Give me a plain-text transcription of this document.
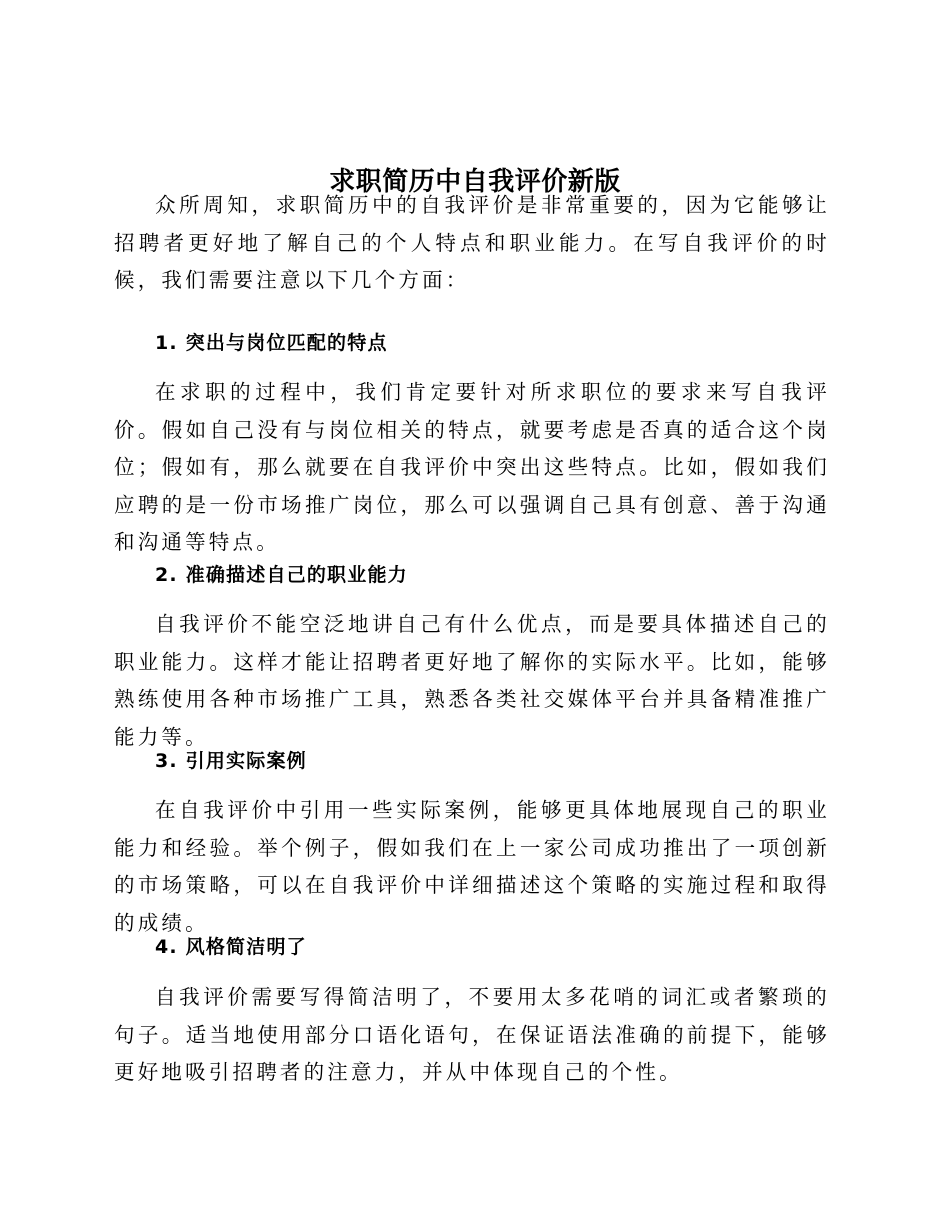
求职简历中自我评价新版

众所周知，求职简历中的自我评价是非常重要的，因为它能够让招聘者更好地了解自己的个人特点和职业能力。在写自我评价的时候，我们需要注意以下几个方面：

1. 突出与岗位匹配的特点

在求职的过程中，我们肯定要针对所求职位的要求来写自我评价。假如自己没有与岗位相关的特点，就要考虑是否真的适合这个岗位；假如有，那么就要在自我评价中突出这些特点。比如，假如我们应聘的是一份市场推广岗位，那么可以强调自己具有创意、善于沟通和沟通等特点。

2. 准确描述自己的职业能力

自我评价不能空泛地讲自己有什么优点，而是要具体描述自己的职业能力。这样才能让招聘者更好地了解你的实际水平。比如，能够熟练使用各种市场推广工具，熟悉各类社交媒体平台并具备精准推广能力等。

3. 引用实际案例

在自我评价中引用一些实际案例，能够更具体地展现自己的职业能力和经验。举个例子，假如我们在上一家公司成功推出了一项创新的市场策略，可以在自我评价中详细描述这个策略的实施过程和取得的成绩。

4. 风格简洁明了

自我评价需要写得简洁明了，不要用太多花哨的词汇或者繁琐的句子。适当地使用部分口语化语句，在保证语法准确的前提下，能够更好地吸引招聘者的注意力，并从中体现自己的个性。
